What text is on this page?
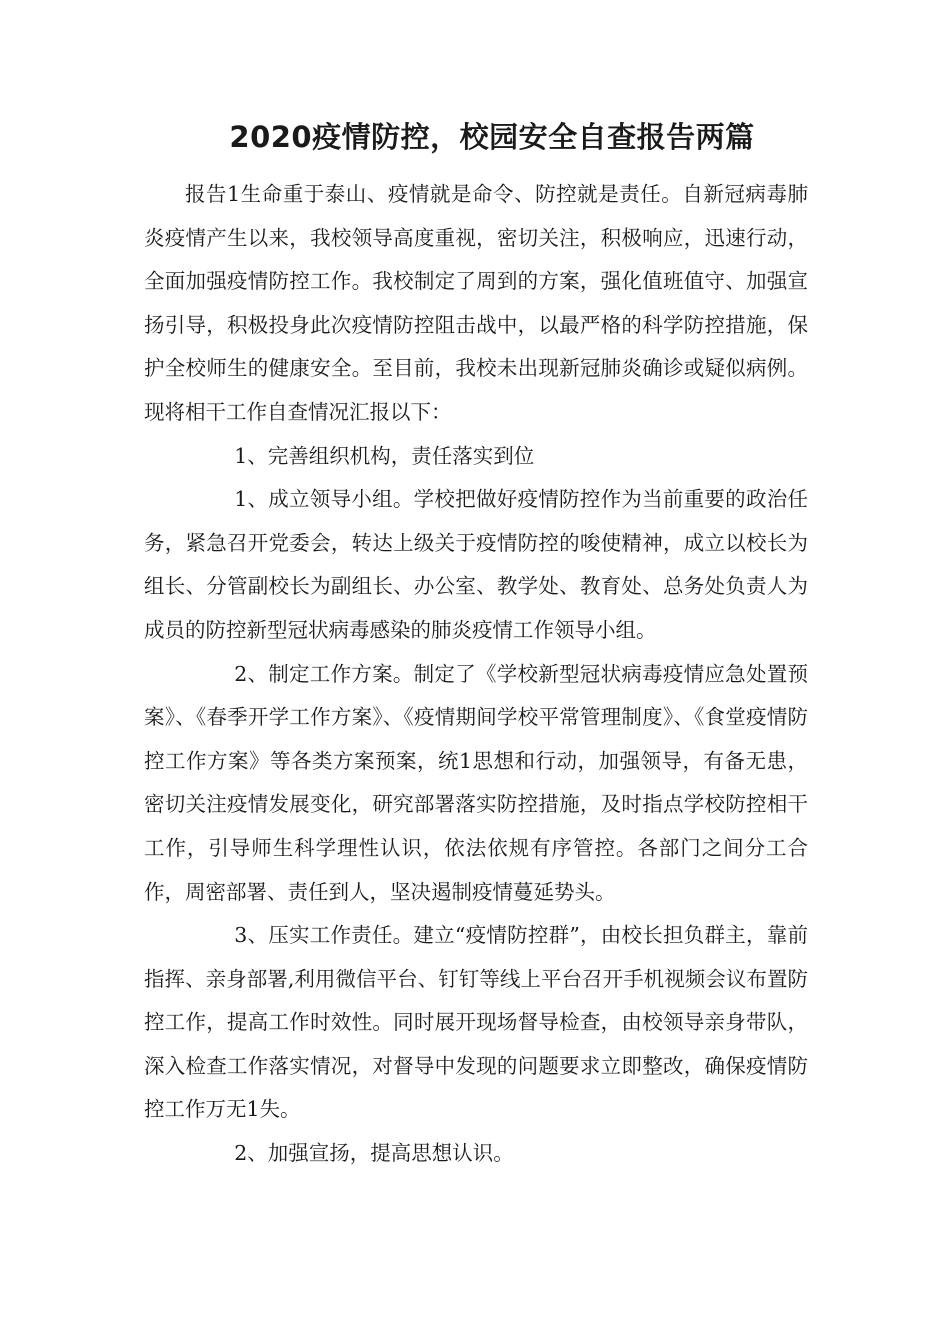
2020疫情防控，校园安全自查报告两篇

报告1生命重于泰山、疫情就是命令、防控就是责任。自新冠病毒肺炎疫情产生以来，我校领导高度重视，密切关注，积极响应，迅速行动，全面加强疫情防控工作。我校制定了周到的方案，强化值班值守、加强宣扬引导，积极投身此次疫情防控阻击战中，以最严格的科学防控措施，保护全校师生的健康安全。至目前，我校未出现新冠肺炎确诊或疑似病例。现将相干工作自查情况汇报以下：

1、完善组织机构，责任落实到位

1、成立领导小组。学校把做好疫情防控作为当前重要的政治任务，紧急召开党委会，转达上级关于疫情防控的唆使精神，成立以校长为组长、分管副校长为副组长、办公室、教学处、教育处、总务处负责人为成员的防控新型冠状病毒感染的肺炎疫情工作领导小组。

2、制定工作方案。制定了《学校新型冠状病毒疫情应急处置预案》、《春季开学工作方案》、《疫情期间学校平常管理制度》、《食堂疫情防控工作方案》等各类方案预案，统1思想和行动，加强领导，有备无患，密切关注疫情发展变化，研究部署落实防控措施，及时指点学校防控相干工作，引导师生科学理性认识，依法依规有序管控。各部门之间分工合作，周密部署、责任到人，坚决遏制疫情蔓延势头。

3、压实工作责任。建立“疫情防控群”，由校长担负群主，靠前指挥、亲身部署,利用微信平台、钉钉等线上平台召开手机视频会议布置防控工作，提高工作时效性。同时展开现场督导检查，由校领导亲身带队，深入检查工作落实情况，对督导中发现的问题要求立即整改，确保疫情防控工作万无1失。

2、加强宣扬，提高思想认识。
